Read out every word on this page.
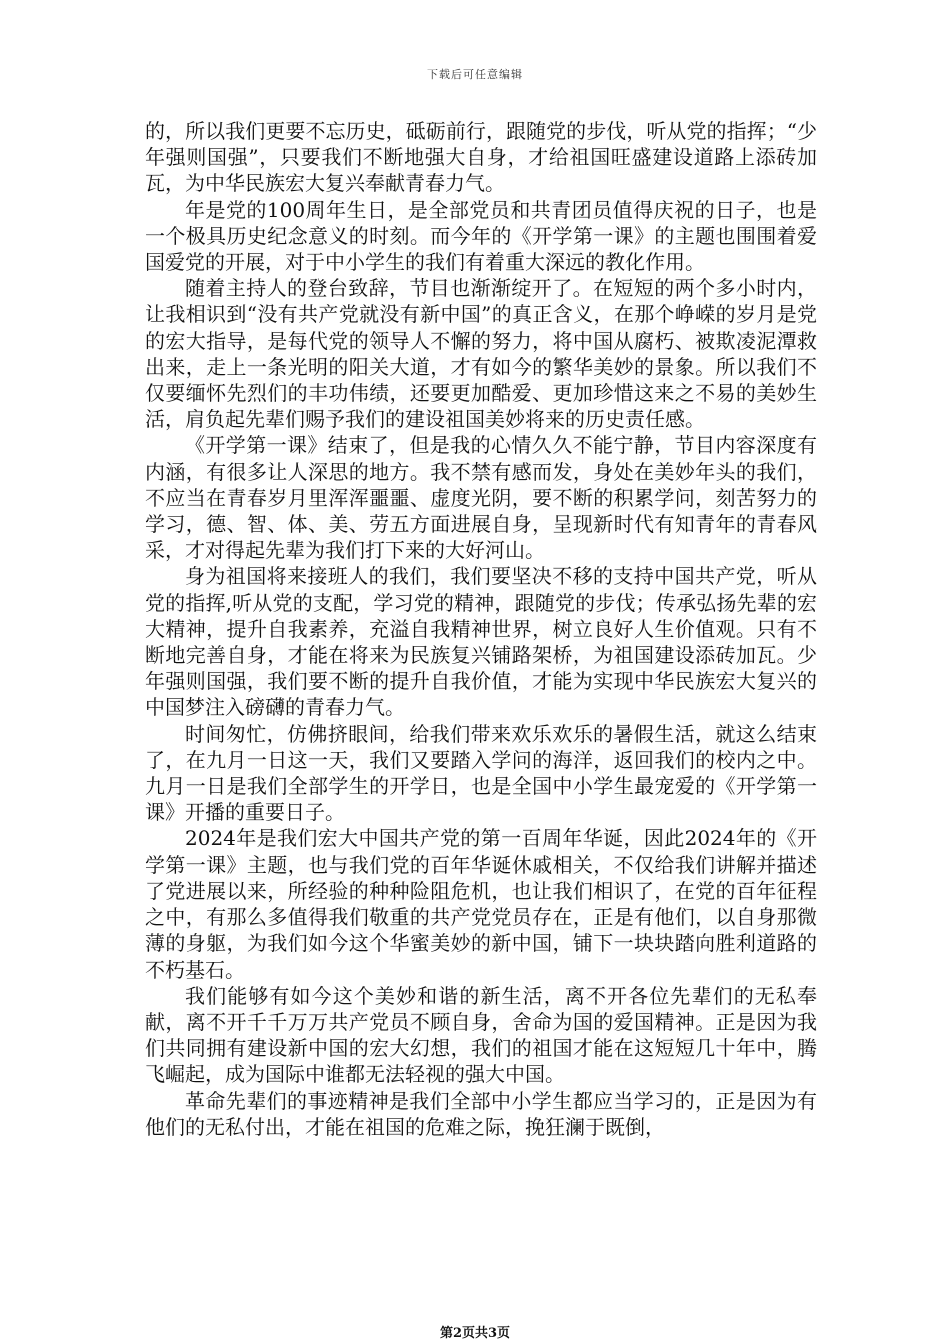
下载后可任意编辑

的，所以我们更要不忘历史，砥砺前行，跟随党的步伐，听从党的指挥；“少年强则国强”，只要我们不断地强大自身，才给祖国旺盛建设道路上添砖加瓦，为中华民族宏大复兴奉献青春力气。

年是党的100周年生日，是全部党员和共青团员值得庆祝的日子，也是一个极具历史纪念意义的时刻。而今年的《开学第一课》的主题也围围着爱国爱党的开展，对于中小学生的我们有着重大深远的教化作用。

随着主持人的登台致辞，节目也渐渐绽开了。在短短的两个多小时内，让我相识到“没有共产党就没有新中国”的真正含义，在那个峥嵘的岁月是党的宏大指导，是每代党的领导人不懈的努力，将中国从腐朽、被欺凌泥潭救出来，走上一条光明的阳关大道，才有如今的繁华美妙的景象。所以我们不仅要缅怀先烈们的丰功伟绩，还要更加酷爱、更加珍惜这来之不易的美妙生活，肩负起先辈们赐予我们的建设祖国美妙将来的历史责任感。

《开学第一课》结束了，但是我的心情久久不能宁静，节目内容深度有内涵，有很多让人深思的地方。我不禁有感而发，身处在美妙年头的我们，不应当在青春岁月里浑浑噩噩、虚度光阴，要不断的积累学问，刻苦努力的学习，德、智、体、美、劳五方面进展自身，呈现新时代有知青年的青春风采，才对得起先辈为我们打下来的大好河山。

身为祖国将来接班人的我们，我们要坚决不移的支持中国共产党，听从党的指挥,听从党的支配，学习党的精神，跟随党的步伐；传承弘扬先辈的宏大精神，提升自我素养，充溢自我精神世界，树立良好人生价值观。只有不断地完善自身，才能在将来为民族复兴铺路架桥，为祖国建设添砖加瓦。少年强则国强，我们要不断的提升自我价值，才能为实现中华民族宏大复兴的中国梦注入磅礴的青春力气。

时间匆忙，仿佛挤眼间，给我们带来欢乐欢乐的暑假生活，就这么结束了，在九月一日这一天，我们又要踏入学问的海洋，返回我们的校内之中。九月一日是我们全部学生的开学日，也是全国中小学生最宠爱的《开学第一课》开播的重要日子。

2024年是我们宏大中国共产党的第一百周年华诞，因此2024年的《开学第一课》主题，也与我们党的百年华诞休戚相关，不仅给我们讲解并描述了党进展以来，所经验的种种险阻危机，也让我们相识了，在党的百年征程之中，有那么多值得我们敬重的共产党党员存在，正是有他们，以自身那微薄的身躯，为我们如今这个华蜜美妙的新中国，铺下一块块踏向胜利道路的不朽基石。

我们能够有如今这个美妙和谐的新生活，离不开各位先辈们的无私奉献，离不开千千万万共产党员不顾自身，舍命为国的爱国精神。正是因为我们共同拥有建设新中国的宏大幻想，我们的祖国才能在这短短几十年中，腾飞崛起，成为国际中谁都无法轻视的强大中国。

革命先辈们的事迹精神是我们全部中小学生都应当学习的，正是因为有他们的无私付出，才能在祖国的危难之际，挽狂澜于既倒，

第2页共3页
